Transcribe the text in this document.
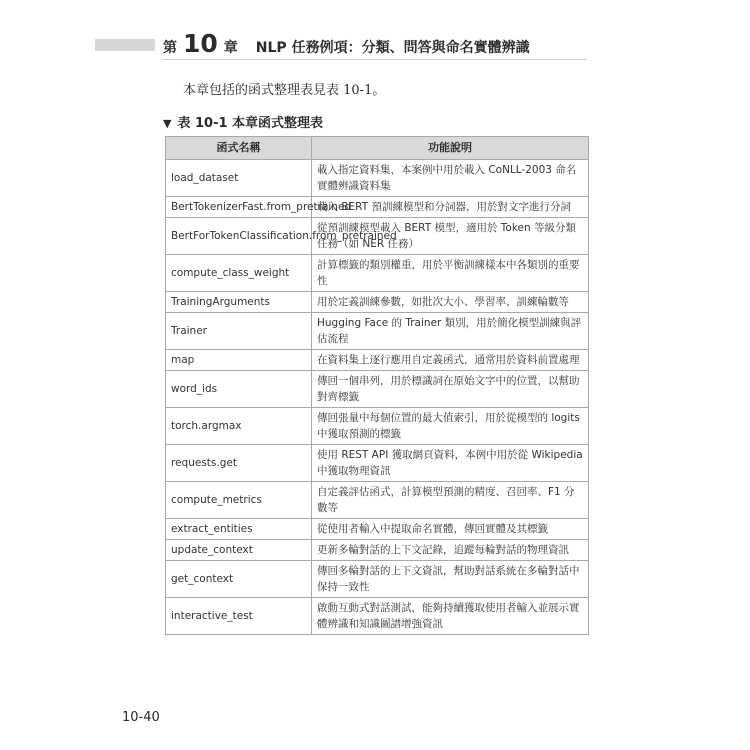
第 10 章 NLP 任務例項：分類、問答與命名實體辨識
本章包括的函式整理表見表 10-1。
▼ 表 10-1 本章函式整理表
函式名稱	功能說明
load_dataset	載入指定資料集，本案例中用於載入 CoNLL-2003 命名實體辨識資料集
BertTokenizerFast.from_pretrained	載入 BERT 預訓練模型和分詞器，用於對文字進行分詞
BertForTokenClassification.from_pretrained	從預訓練模型載入 BERT 模型，適用於 Token 等級分類任務（如 NER 任務）
compute_class_weight	計算標籤的類別權重，用於平衡訓練樣本中各類別的重要性
TrainingArguments	用於定義訓練參數，如批次大小、學習率、訓練輪數等
Trainer	Hugging Face 的 Trainer 類別，用於簡化模型訓練與評估流程
map	在資料集上逐行應用自定義函式，通常用於資料前置處理
word_ids	傳回一個串列，用於標識詞在原始文字中的位置，以幫助對齊標籤
torch.argmax	傳回張量中每個位置的最大值索引，用於從模型的 logits 中獲取預測的標籤
requests.get	使用 REST API 獲取網頁資料，本例中用於從 Wikipedia 中獲取物理資訊
compute_metrics	自定義評估函式，計算模型預測的精度、召回率、F1 分數等
extract_entities	從使用者輸入中提取命名實體，傳回實體及其標籤
update_context	更新多輪對話的上下文記錄，追蹤每輪對話的物理資訊
get_context	傳回多輪對話的上下文資訊，幫助對話系統在多輪對話中保持一致性
interactive_test	啟動互動式對話測試，能夠持續獲取使用者輸入並展示實體辨識和知識圖譜增強資訊
10-40
